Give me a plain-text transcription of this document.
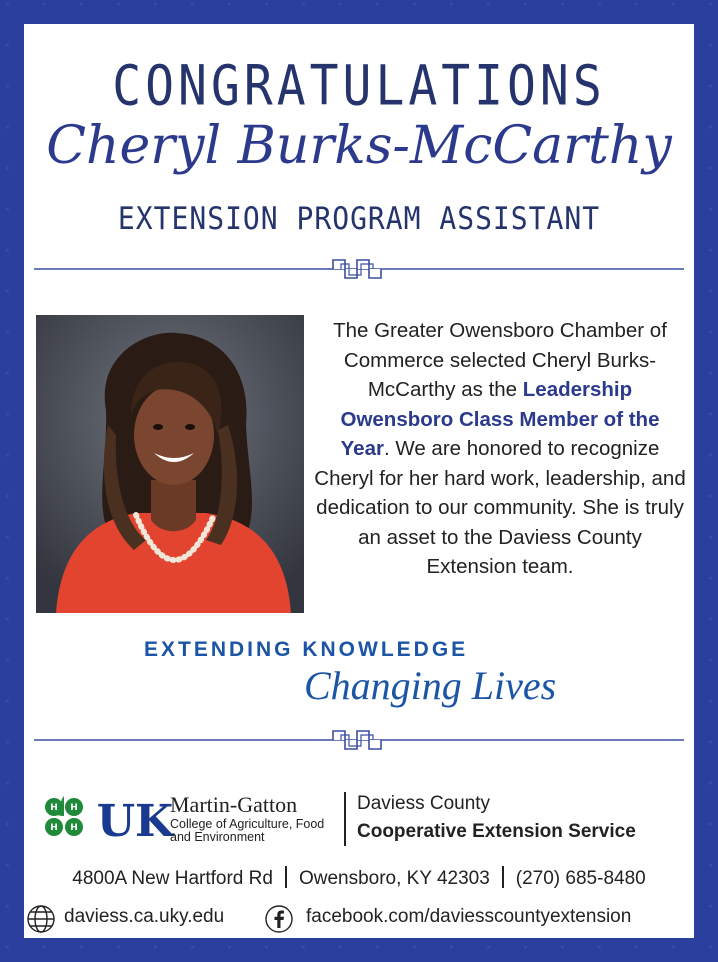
CONGRATULATIONS
Cheryl Burks-McCarthy
EXTENSION PROGRAM ASSISTANT
The Greater Owensboro Chamber of Commerce selected Cheryl Burks-McCarthy as the Leadership Owensboro Class Member of the Year. We are honored to recognize Cheryl for her hard work, leadership, and dedication to our community. She is truly an asset to the Daviess County Extension team.
EXTENDING KNOWLEDGE
Changing Lives
H H
H H UK
Martin-Gatton
College of Agriculture, Food and Environment
Daviess County
Cooperative Extension Service
4800A New Hartford Rd Owensboro, KY 42303 (270) 685-8480
daviess.ca.uky.edu	facebook.com/daviesscountyextension
